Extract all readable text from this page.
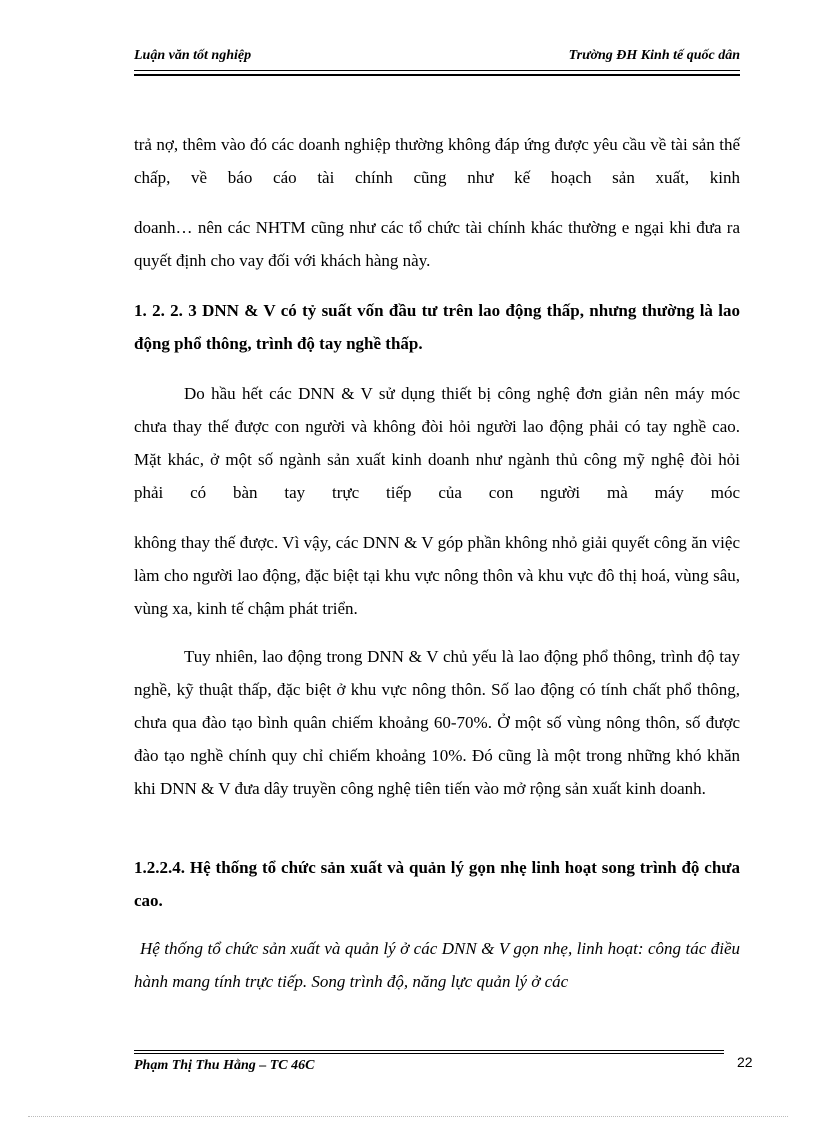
Luận văn tốt nghiệp	Trường ĐH Kinh tế quốc dân
trả nợ, thêm vào đó các doanh nghiệp thường không đáp ứng được yêu cầu về tài sản thế chấp, về báo cáo tài chính cũng như kế hoạch sản xuất, kinh
doanh… nên các NHTM cũng như các tổ chức tài chính khác thường e ngại khi đưa ra quyết định cho vay đối với khách hàng này.
1. 2. 2. 3 DNN & V có tỷ suất vốn đầu tư trên lao động thấp, nhưng thường là lao động phổ thông, trình độ tay nghề thấp.
Do hầu hết các DNN & V sử dụng thiết bị công nghệ đơn giản nên máy móc chưa thay thế được con người và không đòi hỏi người lao động phải có tay nghề cao. Mặt khác, ở một số ngành sản xuất kinh doanh như ngành thủ công mỹ nghệ đòi hỏi phải có bàn tay trực tiếp của con người mà máy móc
không thay thế được. Vì vậy, các DNN & V góp phần không nhỏ giải quyết công ăn việc làm cho người lao động, đặc biệt tại khu vực nông thôn và khu vực đô thị hoá, vùng sâu, vùng xa, kinh tế chậm phát triển.
Tuy nhiên, lao động trong DNN & V chủ yếu là lao động phổ thông, trình độ tay nghề, kỹ thuật thấp, đặc biệt ở khu vực nông thôn. Số lao động có tính chất phổ thông, chưa qua đào tạo bình quân chiếm khoảng 60-70%. Ở một số vùng nông thôn, số được đào tạo nghề chính quy chỉ chiếm khoảng 10%. Đó cũng là một trong những khó khăn khi DNN & V đưa dây truyền công nghệ tiên tiến vào mở rộng sản xuất kinh doanh.
1.2.2.4. Hệ thống tổ chức sản xuất và quản lý gọn nhẹ linh hoạt song trình độ chưa cao.
Hệ thống tổ chức sản xuất và quản lý ở các DNN & V gọn nhẹ, linh hoạt: công tác điều hành mang tính trực tiếp. Song trình độ, năng lực quản lý ở các
Phạm Thị Thu Hằng – TC 46C	22
